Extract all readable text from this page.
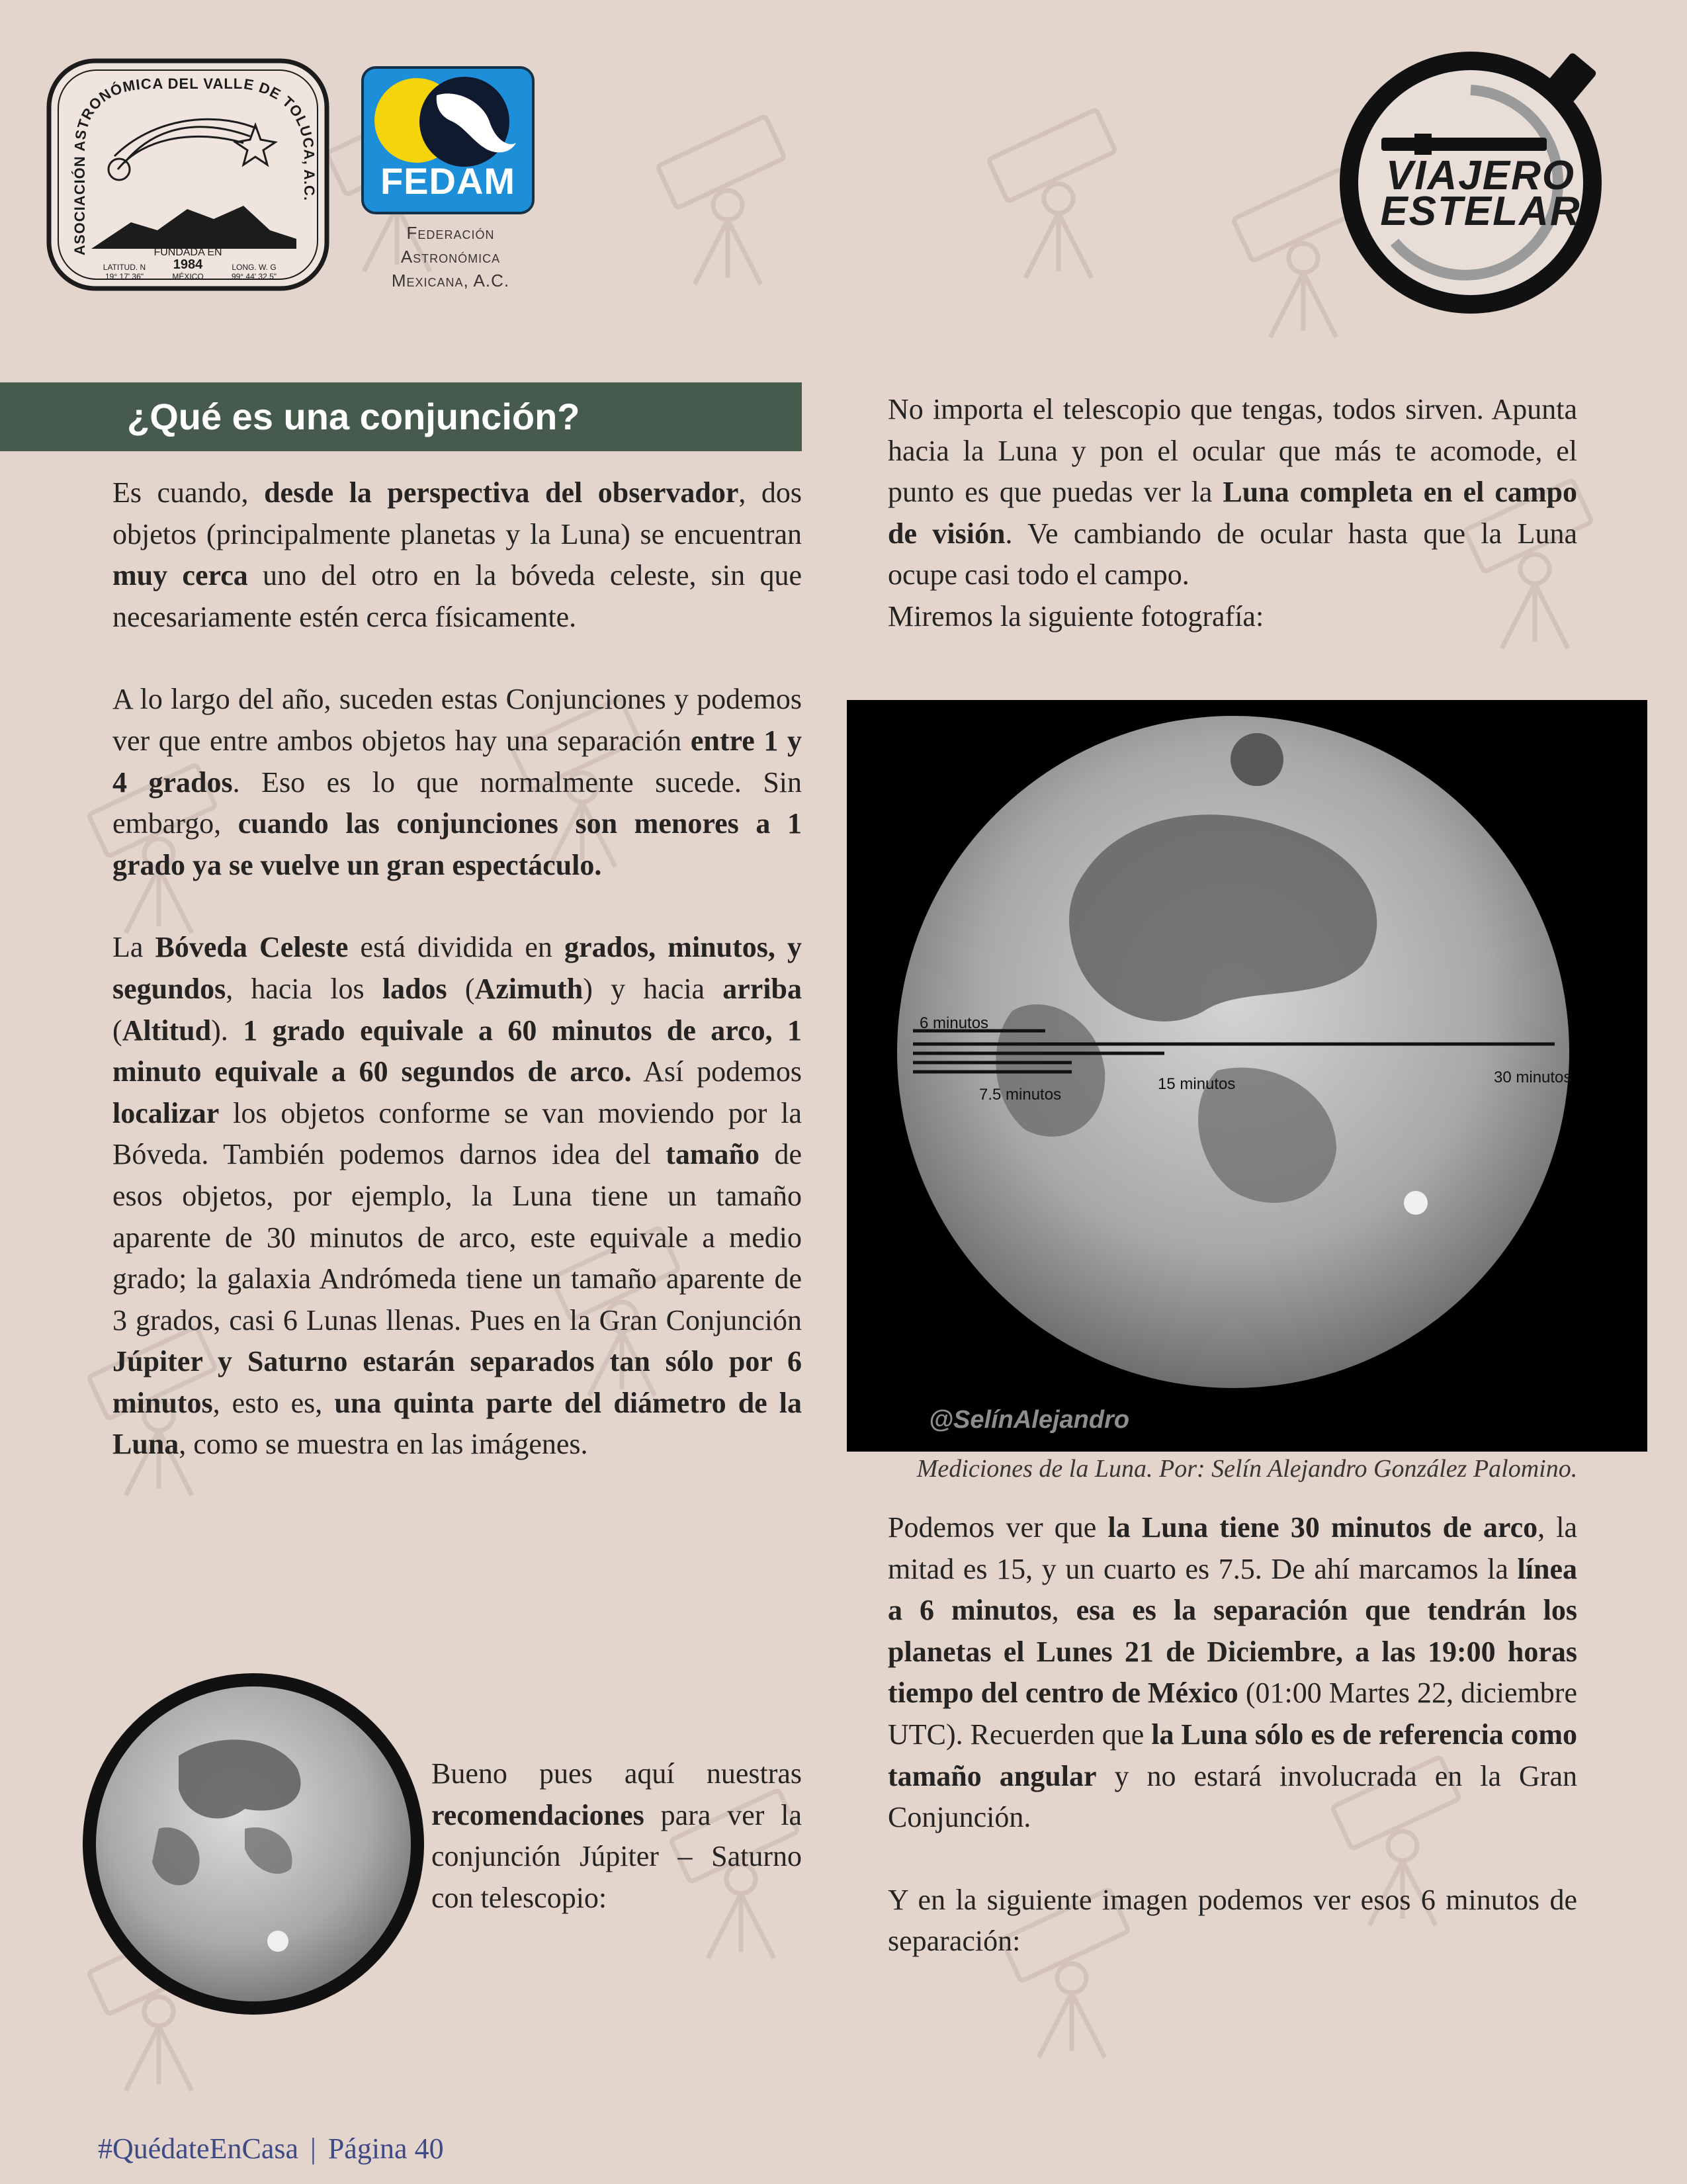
ASOCIACIÓN ASTRONÓMICA DEL VALLE DE TOLUCA, A.C.
FUNDADA EN
1984
MÉXICO
LATITUD. N
19° 17' 36"
LONG. W. G
99° 44' 32.5"
FEDAM
Federación
Astronómica
Mexicana, A.C.
VIAJERO
ESTELAR
¿Qué es una conjunción?

Es cuando, desde la perspectiva del observador, dos objetos (principalmente planetas y la Luna) se encuentran muy cerca uno del otro en la bóveda celeste, sin que necesariamente estén cerca físicamente.

A lo largo del año, suceden estas Conjunciones y podemos ver que entre ambos objetos hay una separación entre 1 y 4 grados. Eso es lo que normalmente sucede. Sin embargo, cuando las conjunciones son menores a 1 grado ya se vuelve un gran espectáculo.

La Bóveda Celeste está dividida en grados, minutos, y segundos, hacia los lados (Azimuth) y hacia arriba (Altitud). 1 grado equivale a 60 minutos de arco, 1 minuto equivale a 60 segundos de arco. Así podemos localizar los objetos conforme se van moviendo por la Bóveda. También podemos darnos idea del tamaño de esos objetos, por ejemplo, la Luna tiene un tamaño aparente de 30 minutos de arco, este equivale a medio grado; la galaxia Andrómeda tiene un tamaño aparente de 3 grados, casi 6 Lunas llenas. Pues en la Gran Conjunción Júpiter y Saturno estarán separados tan sólo por 6 minutos, esto es, una quinta parte del diámetro de la Luna, como se muestra en las imágenes.

Bueno pues aquí nuestras recomendaciones para ver la conjunción Júpiter – Saturno con telescopio:

No importa el telescopio que tengas, todos sirven. Apunta hacia la Luna y pon el ocular que más te acomode, el punto es que puedas ver la Luna completa en el campo de visión. Ve cambiando de ocular hasta que la Luna ocupe casi todo el campo.

Miremos la siguiente fotografía:

6 minutos
7.5 minutos
15 minutos	30 minutos
@SelínAlejandro
Mediciones de la Luna. Por: Selín Alejandro González Palomino.

Podemos ver que la Luna tiene 30 minutos de arco, la mitad es 15, y un cuarto es 7.5. De ahí marcamos la línea a 6 minutos, esa es la separación que tendrán los planetas el Lunes 21 de Diciembre, a las 19:00 horas tiempo del centro de México (01:00 Martes 22, diciembre UTC). Recuerden que la Luna sólo es de referencia como tamaño angular y no estará involucrada en la Gran Conjunción.

Y en la siguiente imagen podemos ver esos 6 minutos de separación:

#QuédateEnCasa | Página 40
